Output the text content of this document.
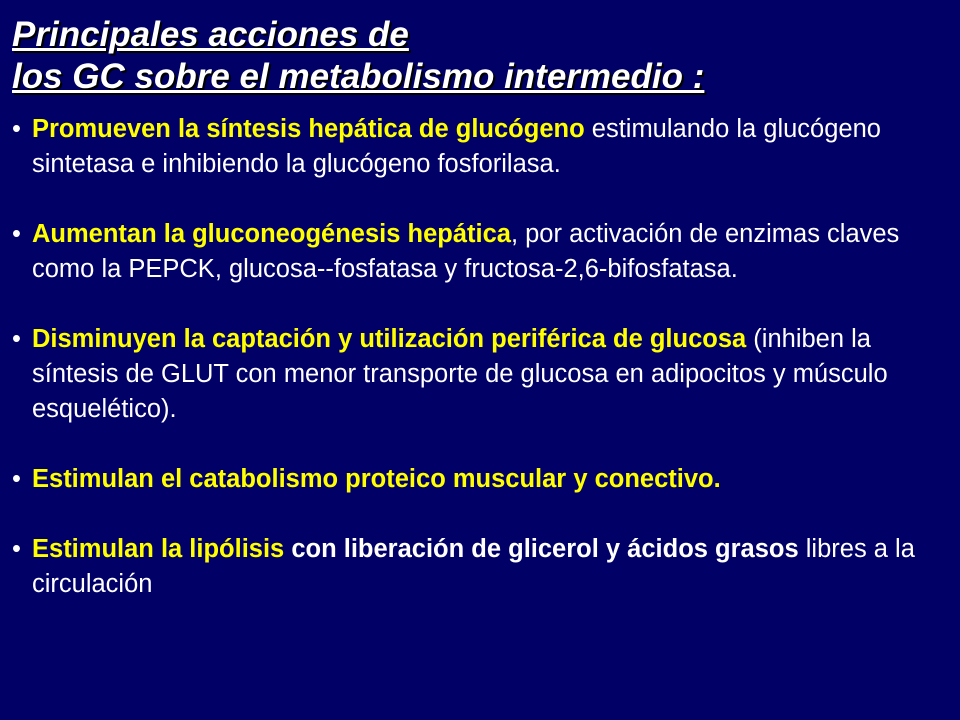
Principales acciones de
los GC sobre el metabolismo intermedio :
• Promueven la síntesis hepática de glucógeno estimulando la glucógeno sintetasa e inhibiendo la glucógeno fosforilasa.
• Aumentan la gluconeogénesis hepática, por activación de enzimas claves como la PEPCK, glucosa--fosfatasa y fructosa-2,6-bifosfatasa.
• Disminuyen la captación y utilización periférica de glucosa (inhiben la síntesis de GLUT con menor transporte de glucosa en adipocitos y músculo esquelético).
• Estimulan el catabolismo proteico muscular y conectivo.
• Estimulan la lipólisis con liberación de glicerol y ácidos grasos libres a la circulación
